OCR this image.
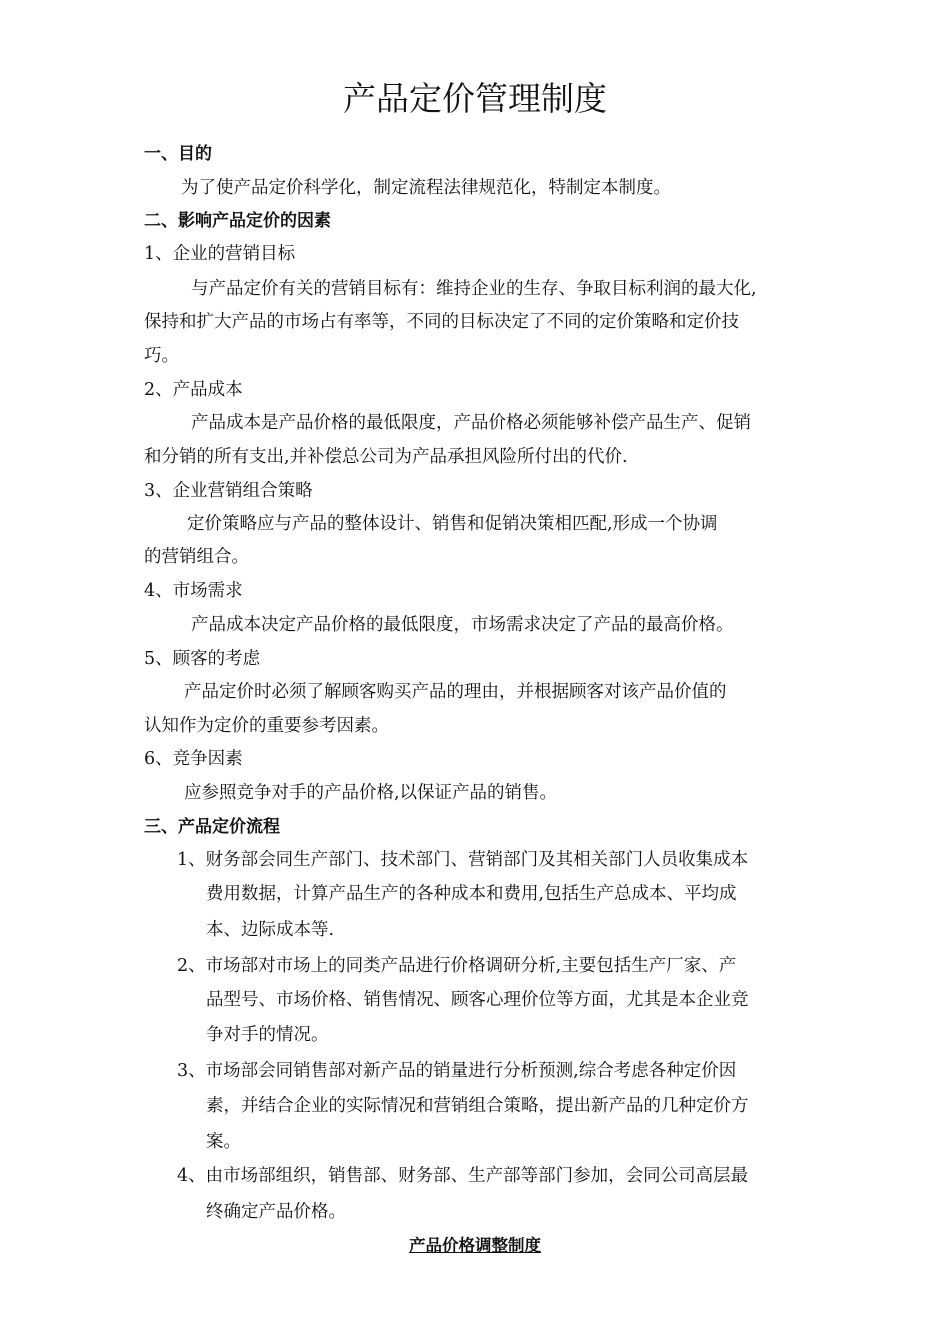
产品定价管理制度
一、目的
为了使产品定价科学化，制定流程法律规范化，特制定本制度。
二、影响产品定价的因素
1、企业的营销目标
与产品定价有关的营销目标有：维持企业的生存、争取目标利润的最大化,
保持和扩大产品的市场占有率等，不同的目标决定了不同的定价策略和定价技
巧。
2、产品成本
产品成本是产品价格的最低限度，产品价格必须能够补偿产品生产、促销
和分销的所有支出,并补偿总公司为产品承担风险所付出的代价.
3、企业营销组合策略
定价策略应与产品的整体设计、销售和促销决策相匹配,形成一个协调
的营销组合。
4、市场需求
产品成本决定产品价格的最低限度，市场需求决定了产品的最高价格。
5、顾客的考虑
产品定价时必须了解顾客购买产品的理由，并根据顾客对该产品价值的
认知作为定价的重要参考因素。
6、竞争因素
应参照竞争对手的产品价格,以保证产品的销售。
三、产品定价流程
1、财务部会同生产部门、技术部门、营销部门及其相关部门人员收集成本
费用数据，计算产品生产的各种成本和费用,包括生产总成本、平均成
本、边际成本等.
2、市场部对市场上的同类产品进行价格调研分析,主要包括生产厂家、产
品型号、市场价格、销售情况、顾客心理价位等方面，尤其是本企业竞
争对手的情况。
3、市场部会同销售部对新产品的销量进行分析预测,综合考虑各种定价因
素，并结合企业的实际情况和营销组合策略，提出新产品的几种定价方
案。
4、由市场部组织，销售部、财务部、生产部等部门参加，会同公司高层最
终确定产品价格。
产品价格调整制度
